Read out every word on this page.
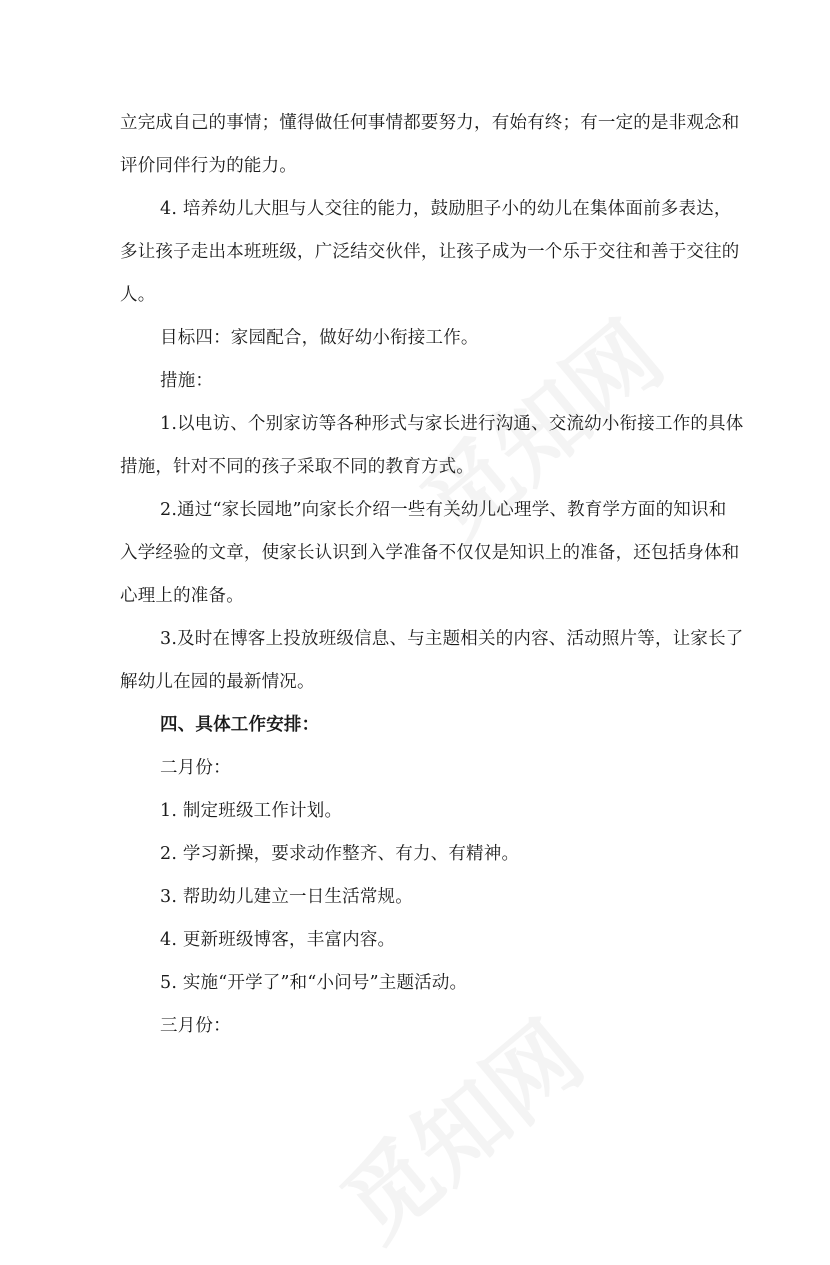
立完成自己的事情；懂得做任何事情都要努力，有始有终；有一定的是非观念和

评价同伴行为的能力。

4. 培养幼儿大胆与人交往的能力，鼓励胆子小的幼儿在集体面前多表达，

多让孩子走出本班班级，广泛结交伙伴，让孩子成为一个乐于交往和善于交往的

人。

目标四：家园配合，做好幼小衔接工作。

措施：

1.以电访、个别家访等各种形式与家长进行沟通、交流幼小衔接工作的具体

措施，针对不同的孩子采取不同的教育方式。

2.通过“家长园地”向家长介绍一些有关幼儿心理学、教育学方面的知识和

入学经验的文章，使家长认识到入学准备不仅仅是知识上的准备，还包括身体和

心理上的准备。

3.及时在博客上投放班级信息、与主题相关的内容、活动照片等，让家长了

解幼儿在园的最新情况。

四、具体工作安排：

二月份：

1. 制定班级工作计划。

2. 学习新操，要求动作整齐、有力、有精神。

3. 帮助幼儿建立一日生活常规。

4. 更新班级博客，丰富内容。

5. 实施“开学了”和“小问号”主题活动。

三月份：
